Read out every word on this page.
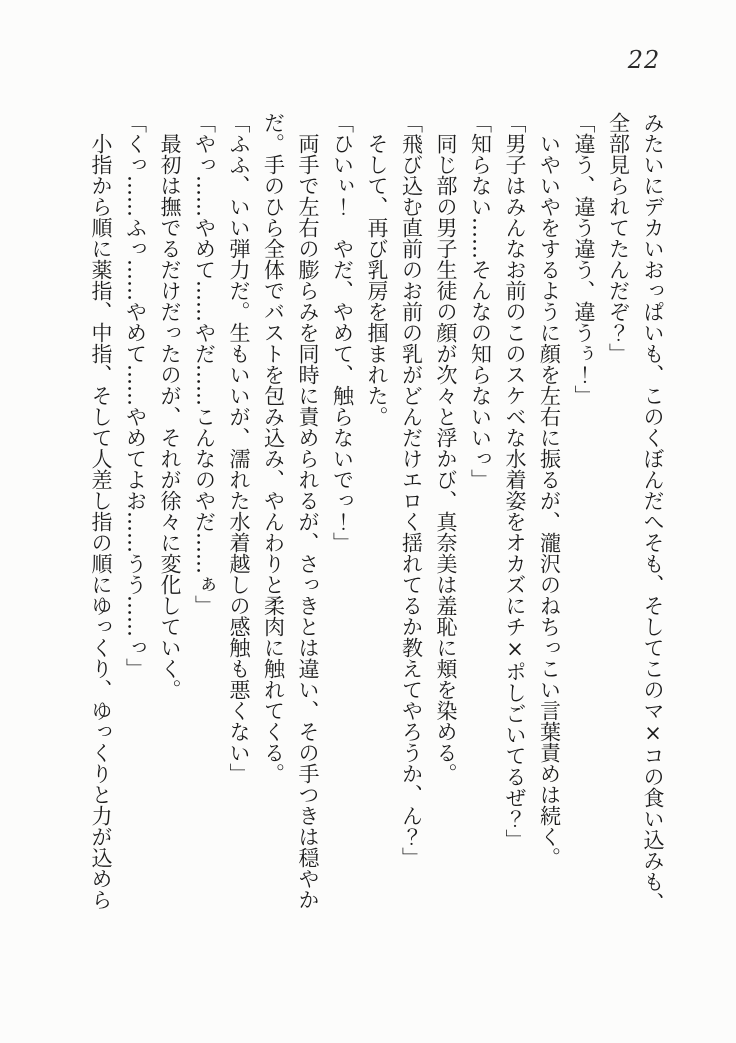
22

みたいにデカいおっぱいも、このくぼんだへそも、そしてこのマ×コの食い込みも、

全部見られてたんだぞ？」

「違う、違う違う、違うぅ！」

いやいやをするように顔を左右に振るが、瀧沢のねちっこい言葉責めは続く。

「男子はみんなお前のこのスケベな水着姿をオカズにチ×ポしごいてるぜ？」

「知らない……そんなの知らないいっ」

同じ部の男子生徒の顔が次々と浮かび、真奈美は羞恥に頬を染める。

「飛び込む直前のお前の乳がどんだけエロく揺れてるか教えてやろうか、ん？」

そして、再び乳房を掴まれた。

「ひいぃ！　やだ、やめて、触らないでっ！」

両手で左右の膨らみを同時に責められるが、さっきとは違い、その手つきは穏やか

だ。手のひら全体でバストを包み込み、やんわりと柔肉に触れてくる。

「ふふ、いい弾力だ。生もいいが、濡れた水着越しの感触も悪くない」

「やっ……やめて……やだ……こんなのやだ……ぁ」

最初は撫でるだけだったのが、それが徐々に変化していく。

「くっ……ふっ……やめて……やめてよお……うう……っ」

小指から順に薬指、中指、そして人差し指の順にゆっくり、ゆっくりと力が込めら
